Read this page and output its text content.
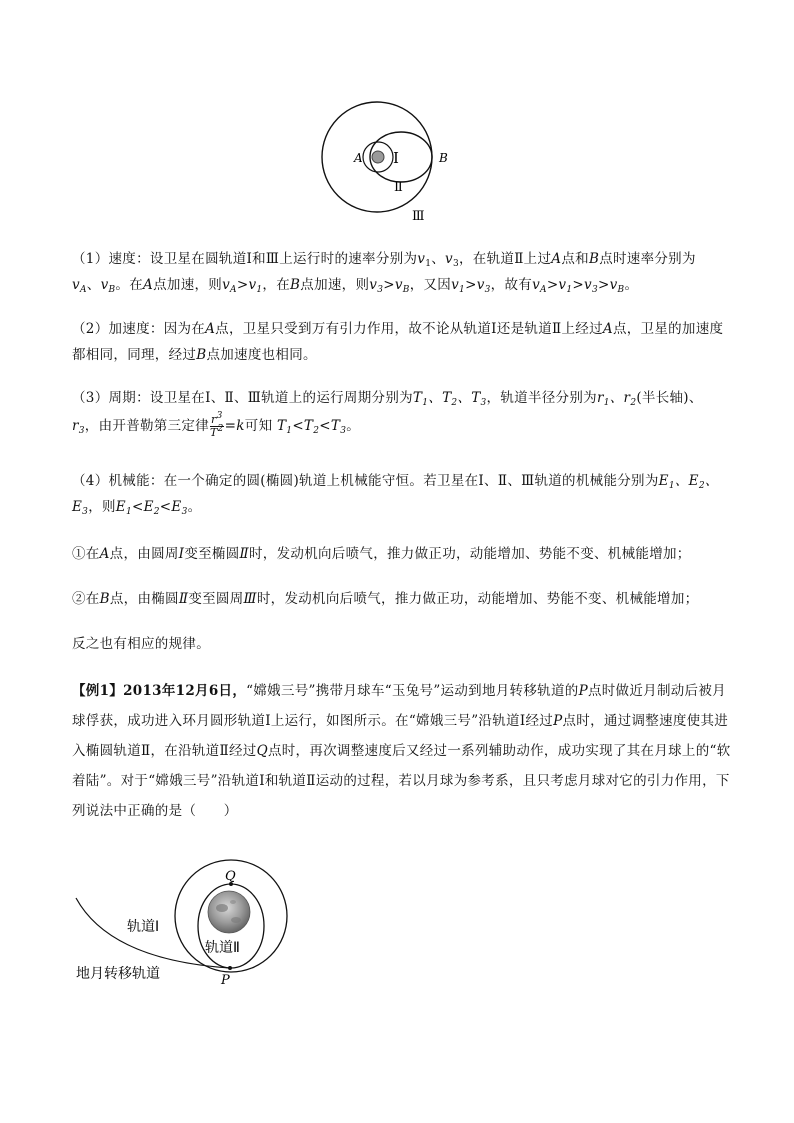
A	B
Ⅰ
Ⅱ
Ⅲ
（1）速度：设卫星在圆轨道Ⅰ和Ⅲ上运行时的速率分别为$v_1$、$v_3$，在轨道Ⅱ上过A点和B点时速率分别为
$v_A$、$v_B$。在A点加速，则$v_A>v_1$，在B点加速，则$v_3>v_B$，又因$v_1>v_3$，故有$v_A>v_1>v_3>v_B$。
（2）加速度：因为在A点，卫星只受到万有引力作用，故不论从轨道Ⅰ还是轨道Ⅱ上经过A点，卫星的加速度都相同，同理，经过B点加速度也相同。
（3）周期：设卫星在Ⅰ、Ⅱ、Ⅲ轨道上的运行周期分别为$T_1$、$T_2$、$T_3$，轨道半径分别为$r_1$、$r_2$(半长轴)、
$r_3$，由开普勒第三定律 $\frac{r^3}{T^2} =k$可知 $T_1<T_2<T_3$。
（4）机械能：在一个确定的圆(椭圆)轨道上机械能守恒。若卫星在Ⅰ、Ⅱ、Ⅲ轨道的机械能分别为$E_1$、$E_2$、$E_3$，则$E_1<E_2<E_3$。
①在A点，由圆周Ⅰ变至椭圆Ⅱ时，发动机向后喷气，推力做正功，动能增加、势能不变、机械能增加；
②在B点，由椭圆Ⅱ变至圆周Ⅲ时，发动机向后喷气，推力做正功，动能增加、势能不变、机械能增加；
反之也有相应的规律。
【例1】2013年12月6日，“嫦娥三号”携带月球车“玉兔号”运动到地月转移轨道的P点时做近月制动后被月球俘获，成功进入环月圆形轨道Ⅰ上运行，如图所示。在“嫦娥三号”沿轨道Ⅰ经过P点时，通过调整速度使其进入椭圆轨道Ⅱ，在沿轨道Ⅱ经过Q点时，再次调整速度后又经过一系列辅助动作，成功实现了其在月球上的“软着陆”。对于“嫦娥三号”沿轨道Ⅰ和轨道Ⅱ运动的过程，若以月球为参考系，且只考虑月球对它的引力作用，下列说法中正确的是（　　）
Q
P
轨道Ⅰ
轨道Ⅱ
地月转移轨道
